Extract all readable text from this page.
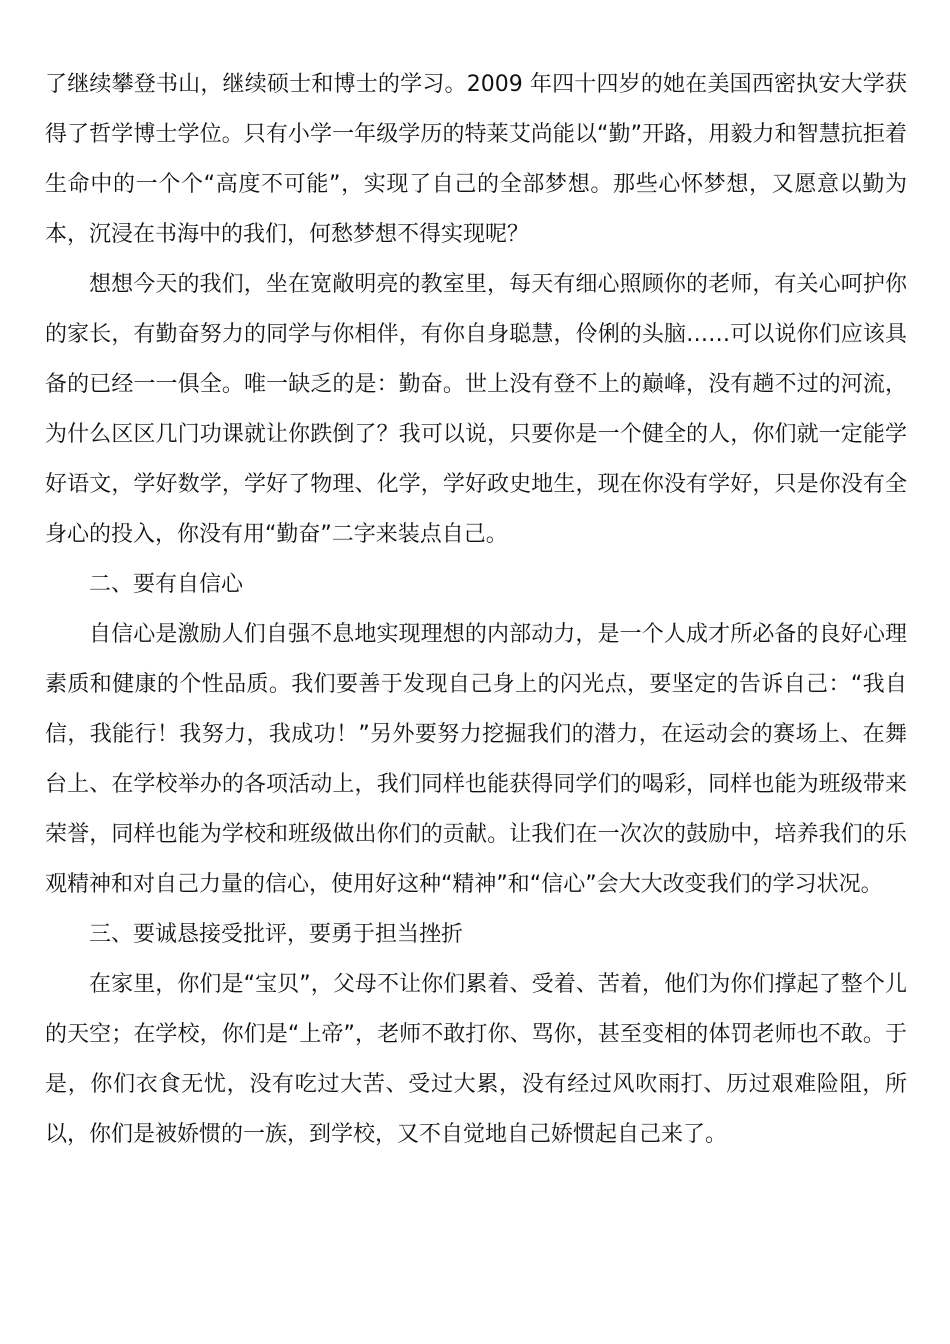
了继续攀登书山，继续硕士和博士的学习。2009 年四十四岁的她在美国西密执安大学获得了哲学博士学位。只有小学一年级学历的特莱艾尚能以“勤”开路，用毅力和智慧抗拒着生命中的一个个“高度不可能”，实现了自己的全部梦想。那些心怀梦想，又愿意以勤为本，沉浸在书海中的我们，何愁梦想不得实现呢？

想想今天的我们，坐在宽敞明亮的教室里，每天有细心照顾你的老师，有关心呵护你的家长，有勤奋努力的同学与你相伴，有你自身聪慧，伶俐的头脑……可以说你们应该具备的已经一一俱全。唯一缺乏的是：勤奋。世上没有登不上的巅峰，没有趟不过的河流，为什么区区几门功课就让你跌倒了？我可以说，只要你是一个健全的人，你们就一定能学好语文，学好数学，学好了物理、化学，学好政史地生，现在你没有学好，只是你没有全身心的投入，你没有用“勤奋”二字来装点自己。

二、要有自信心

自信心是激励人们自强不息地实现理想的内部动力，是一个人成才所必备的良好心理素质和健康的个性品质。我们要善于发现自己身上的闪光点，要坚定的告诉自己：“我自信，我能行！我努力，我成功！”另外要努力挖掘我们的潜力，在运动会的赛场上、在舞台上、在学校举办的各项活动上，我们同样也能获得同学们的喝彩，同样也能为班级带来荣誉，同样也能为学校和班级做出你们的贡献。让我们在一次次的鼓励中，培养我们的乐观精神和对自己力量的信心，使用好这种“精神”和“信心”会大大改变我们的学习状况。

三、要诚恳接受批评，要勇于担当挫折

在家里，你们是“宝贝”，父母不让你们累着、受着、苦着，他们为你们撑起了整个儿的天空；在学校，你们是“上帝”，老师不敢打你、骂你，甚至变相的体罚老师也不敢。于是，你们衣食无忧，没有吃过大苦、受过大累，没有经过风吹雨打、历过艰难险阻，所以，你们是被娇惯的一族，到学校，又不自觉地自己娇惯起自己来了。
